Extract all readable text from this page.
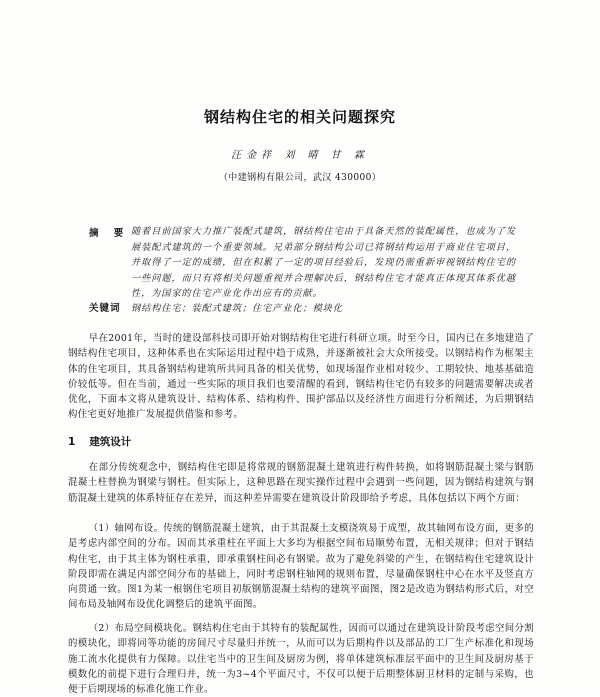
钢结构住宅的相关问题探究
汪金祥 刘 晴 甘 霖
（中建钢构有限公司，武汉 430000）
摘 要 随着目前国家大力推广装配式建筑，钢结构住宅由于具备天然的装配属性，也成为了发展装配式建筑的一个重要领域。兄弟部分钢结构公司已将钢结构运用于商业住宅项目，并取得了一定的成绩，但在积累了一定的项目经验后，发现仍需重新审视钢结构住宅的一些问题，而只有将相关问题重视并合理解决后，钢结构住宅才能真正体现其体系优越性，为国家的住宅产业化作出应有的贡献。
关键词 钢结构住宅；装配式建筑；住宅产业化；模块化
早在2001年，当时的建设部科技司即开始对钢结构住宅进行科研立项。时至今日，国内已在多地建造了钢结构住宅项目，这种体系也在实际运用过程中趋于成熟，并逐渐被社会大众所接受。以钢结构作为框架主体的住宅项目，其具备钢结构建筑所共同具备的相关优势，如现场湿作业相对较少、工期较快、地基基础造价较低等。但在当前，通过一些实际的项目我们也要清醒的看到，钢结构住宅仍有较多的问题需要解决或者优化，下面本文将从建筑设计、结构体系、结构构件、围护部品以及经济性方面进行分析阐述，为后期钢结构住宅更好地推广发展提供借鉴和参考。
1 建筑设计
在部分传统观念中，钢结构住宅即是将常规的钢筋混凝土建筑进行构件转换，如将钢筋混凝土梁与钢筋混凝土柱替换为钢梁与钢柱。但实际上，这种思路在现实操作过程中会遇到一些问题，因为钢结构建筑与钢筋混凝土建筑的体系特征存在差异，而这种差异需要在建筑设计阶段即给予考虑，具体包括以下两个方面：
（1）轴网布设。传统的钢筋混凝土建筑，由于其混凝土支模浇筑易于成型，故其轴网布设方面，更多的是考虑内部空间的分布。因而其承重柱在平面上大多均为根据空间布局顺势布置，无相关规律；但对于钢结构住宅，由于其主体为钢柱承重，即承重钢柱间必有钢梁。故为了避免斜梁的产生，在钢结构住宅建筑设计阶段即需在满足内部空间分布的基础上，同时考虑钢柱轴网的规则布置，尽量确保钢柱中心在水平及竖直方向贯通一致。图1为某一根钢住宅项目初版钢筋混凝土结构的建筑平面图，图2是改造为钢结构形式后，对空间布局及轴网布设优化调整后的建筑平面图。
（2）布局空间模块化。钢结构住宅由于其特有的装配属性，因而可以通过在建筑设计阶段考虑空间分割的模块化，即将同等功能的房间尺寸尽量归并统一，从而可以为后期构件以及部品的工厂生产标准化和现场施工流水化提供有力保障。以住宅当中的卫生间及厨房为例，将单体建筑标准层平面中的卫生间及厨房基于模数化的前提下进行合理归并，统一为3~4个平面尺寸，不仅可以便于后期整体厨卫材料的定制与采购，也便于后期现场的标准化施工作业。
